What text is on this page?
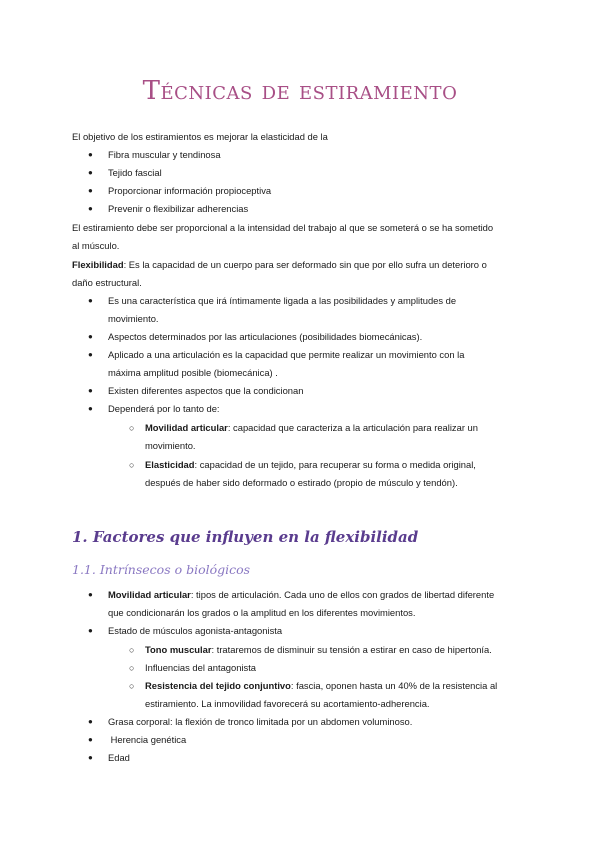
Técnicas de estiramiento
El objetivo de los estiramientos es mejorar la elasticidad de la
●	Fibra muscular y tendinosa
●	Tejido fascial
●	Proporcionar información propioceptiva
●	Prevenir o flexibilizar adherencias
El estiramiento debe ser proporcional a la intensidad del trabajo al que se someterá o se ha sometido
al músculo.
Flexibilidad: Es la capacidad de un cuerpo para ser deformado sin que por ello sufra un deterioro o
daño estructural.
●	Es una característica que irá íntimamente ligada a las posibilidades y amplitudes de
movimiento.
●	Aspectos determinados por las articulaciones (posibilidades biomecánicas).
●	Aplicado a una articulación es la capacidad que permite realizar un movimiento con la
máxima amplitud posible (biomecánica) .
●	Existen diferentes aspectos que la condicionan
●	Dependerá por lo tanto de:
○	Movilidad articular: capacidad que caracteriza a la articulación para realizar un
movimiento.
○	Elasticidad: capacidad de un tejido, para recuperar su forma o medida original,
después de haber sido deformado o estirado (propio de músculo y tendón).
1. Factores que influyen en la flexibilidad
1.1. Intrínsecos o biológicos
●	Movilidad articular: tipos de articulación. Cada uno de ellos con grados de libertad diferente
que condicionarán los grados o la amplitud en los diferentes movimientos.
●	Estado de músculos agonista-antagonista
○	Tono muscular: trataremos de disminuir su tensión a estirar en caso de hipertonía.
○	Influencias del antagonista
○	Resistencia del tejido conjuntivo: fascia, oponen hasta un 40% de la resistencia al
estiramiento. La inmovilidad favorecerá su acortamiento-adherencia.
●	Grasa corporal: la flexión de tronco limitada por un abdomen voluminoso.
●	Herencia genética
●	Edad
